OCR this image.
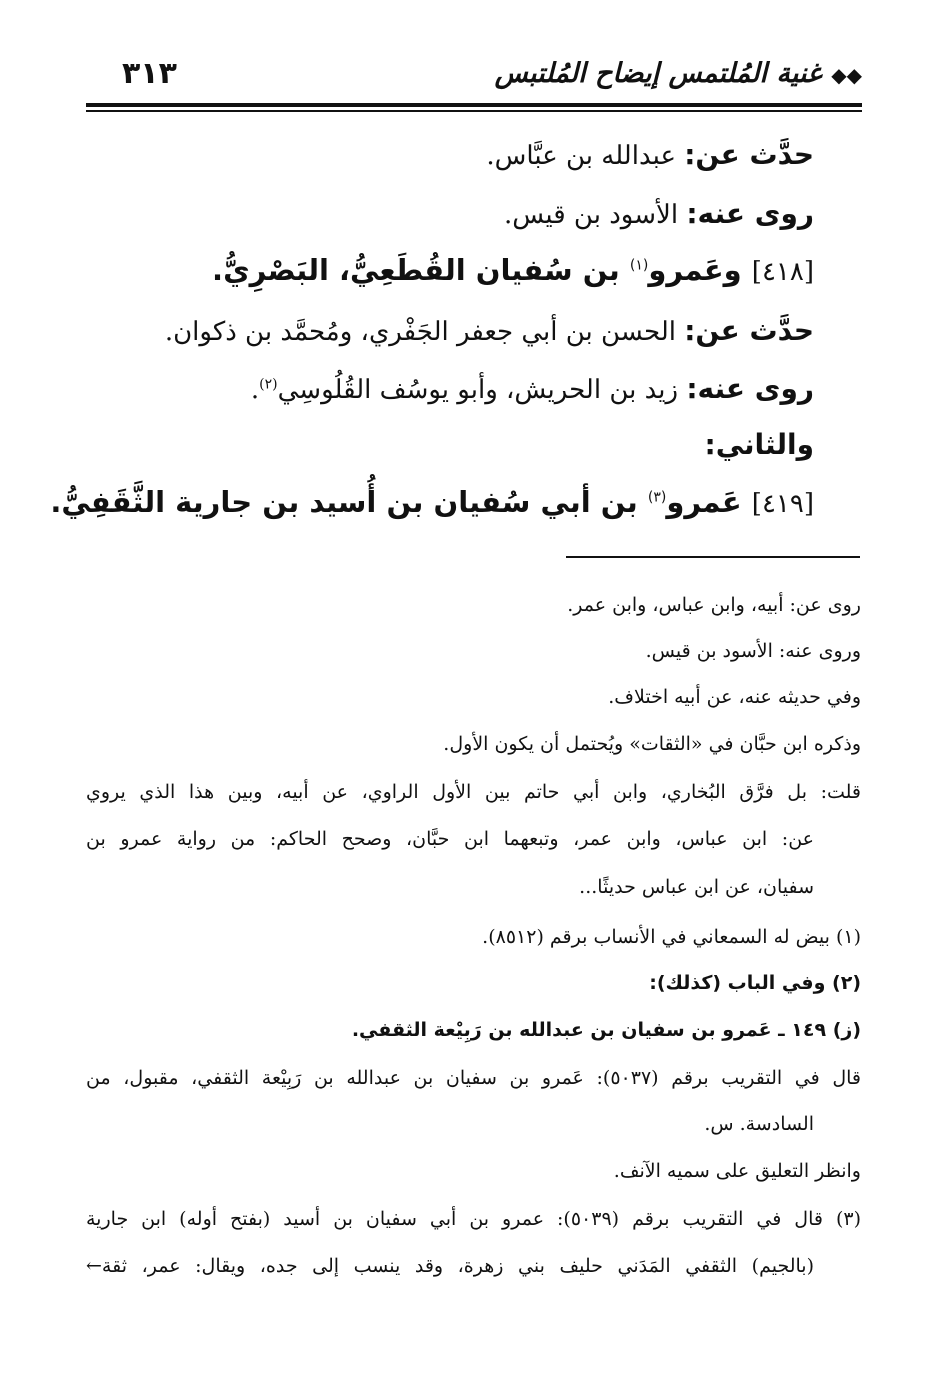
◆◆غنية المُلتمس إيضاح المُلتبس
٣١٣
حدَّث عن: عبدالله بن عبَّاس.
روى عنه: الأسود بن قيس.
[٤١٨] وعَمرو$^{(١)}$ بن سُفيان القُطَعِيُّ، البَصْرِيُّ.
حدَّث عن: الحسن بن أبي جعفر الجَفْري، ومُحمَّد بن ذكوان.
روى عنه: زيد بن الحريش، وأبو يوسُف القُلُوسِي$^{(٢)}$.
والثاني:
[٤١٩] عَمرو$^{(٣)}$ بن أبي سُفيان بن أُسيد بن جارية الثَّقَفِيُّ.
روى عن: أبيه، وابن عباس، وابن عمر.
وروى عنه: الأسود بن قيس.
وفي حديثه عنه، عن أبيه اختلاف.
وذكره ابن حبَّان في «الثقات» ويُحتمل أن يكون الأول.
قلت: بل فرَّق البُخاري، وابن أبي حاتم بين الأول الراوي، عن أبيه، وبين هذا الذي يروي
عن: ابن عباس، وابن عمر، وتبعهما ابن حبَّان، وصحح الحاكم: من رواية عمرو بن
سفيان، عن ابن عباس حديثًا...
(١) بيض له السمعاني في الأنساب برقم (٨٥١٢).
(٢) وفي الباب (كذلك):
(ز) ١٤٩ ـ عَمرو بن سفيان بن عبدالله بن رَبِيْعة الثقفي.
قال في التقريب برقم (٥٠٣٧): عَمرو بن سفيان بن عبدالله بن رَبِيْعة الثقفي، مقبول، من
السادسة. س.
وانظر التعليق على سميه الآنف.
(٣) قال في التقريب برقم (٥٠٣٩): عمرو بن أبي سفيان بن أسيد (بفتح أوله) ابن جارية
(بالجيم) الثقفي المَدَني حليف بني زهرة، وقد ينسب إلى جده، ويقال: عمر، ثقة←
